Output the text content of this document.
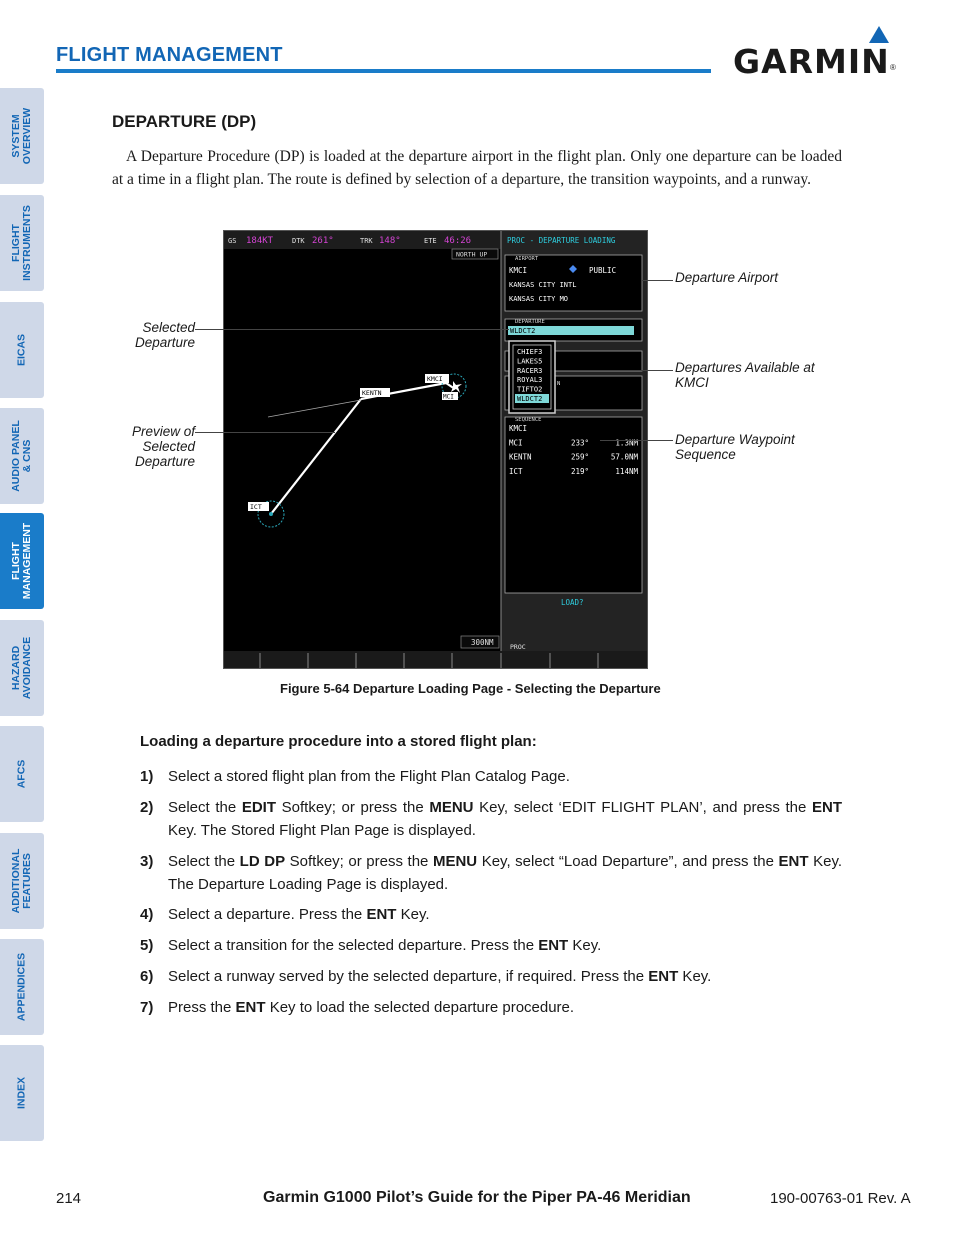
FLIGHT MANAGEMENT	GARMIN ®
SYSTEM
OVERVIEW
FLIGHT
INSTRUMENTS
EICAS
AUDIO PANEL
& CNS
FLIGHT
MANAGEMENT
HAZARD
AVOIDANCE
AFCS
ADDITIONAL
FEATURES
APPENDICES
INDEX
DEPARTURE (DP)
A Departure Procedure (DP) is loaded at the departure airport in the flight plan. Only one departure can be loaded at a time in a flight plan. The route is defined by selection of a departure, the transition waypoints, and a runway.
GS 184KT	DTK 261°	TRK 148°	ETE 46:26
NORTH UP
ICT
KENTN
KMCI
MCI
300NM
PROC - DEPARTURE LOADING
AIRPORT
KMCI	PUBLIC
KANSAS CITY INTL
KANSAS CITY MO
DEPARTURE
WLDCT2
N
SEQUENCE
KMCI
MCI	233°	1.3NM
KENTN	259°	57.0NM
ICT	219°	114NM
CHIEF3
LAKES5
RACER3
ROYAL3
TIFTO2
WLDCT2
LOAD?
PROC
Selected
Departure
Preview of
Selected
Departure
Departure Airport
Departures Available at
KMCI
Departure Waypoint
Sequence
Figure 5-64 Departure Loading Page - Selecting the Departure
Loading a departure procedure into a stored flight plan:
1) Select a stored flight plan from the Flight Plan Catalog Page.
2) Select the EDIT Softkey; or press the MENU Key, select ‘EDIT FLIGHT PLAN’, and press the ENT Key. The Stored Flight Plan Page is displayed.
3) Select the LD DP Softkey; or press the MENU Key, select “Load Departure”, and press the ENT Key. The Departure Loading Page is displayed.
4) Select a departure. Press the ENT Key.
5) Select a transition for the selected departure. Press the ENT Key.
6) Select a runway served by the selected departure, if required. Press the ENT Key.
7) Press the ENT Key to load the selected departure procedure.
214	Garmin G1000 Pilot’s Guide for the Piper PA-46 Meridian	190-00763-01 Rev. A
